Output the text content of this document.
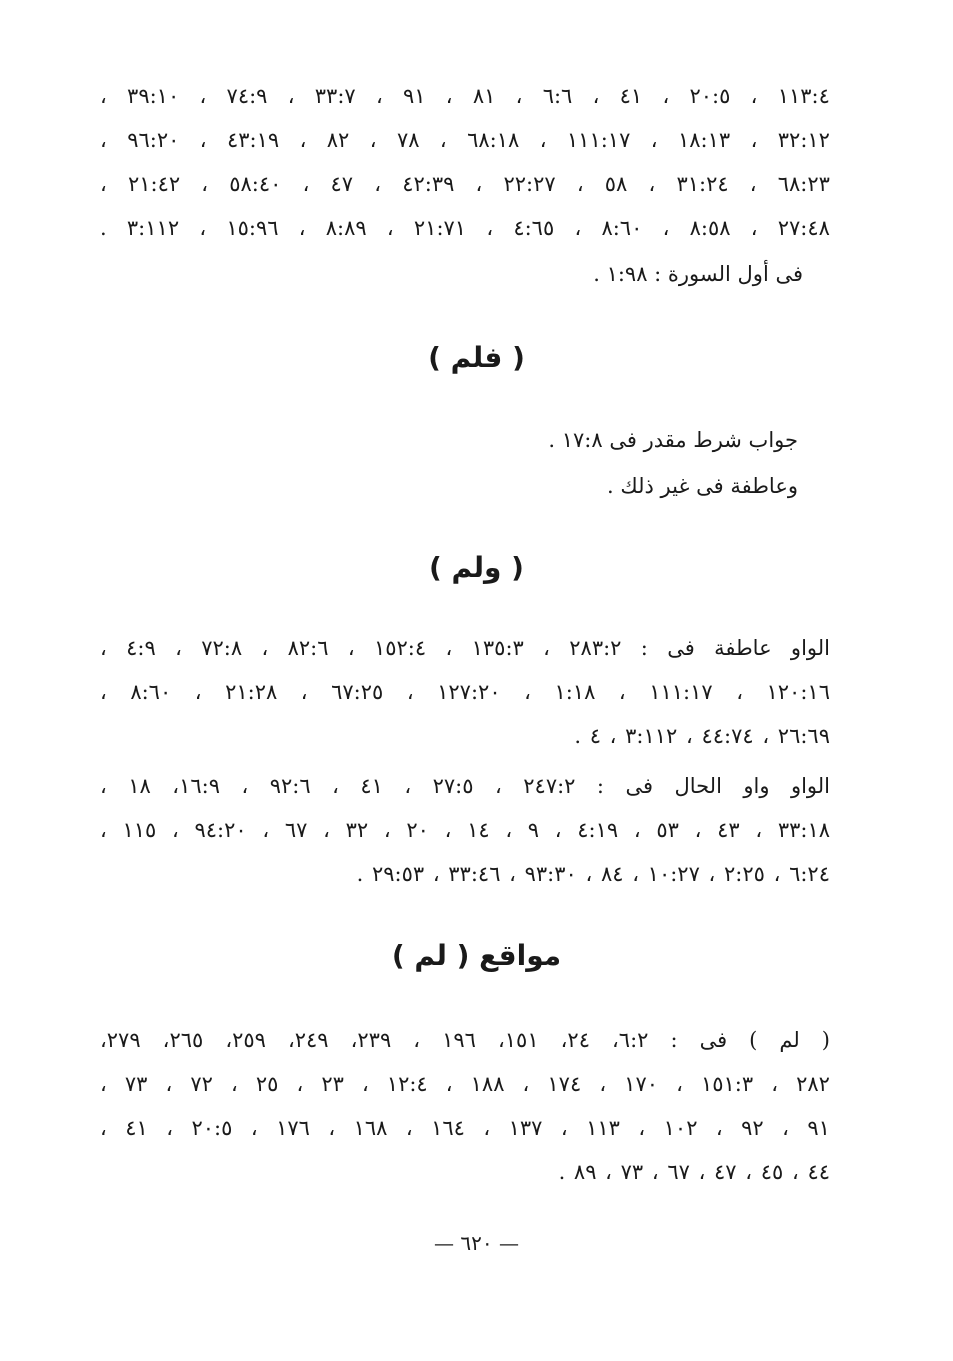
١١٣:٤ ، ٢٠:٥ ، ٤١ ، ٦:٦ ، ٨١ ، ٩١ ، ٣٣:٧ ، ٧٤:٩ ، ٣٩:١٠ ،
٣٢:١٢ ، ١٨:١٣ ، ١١١:١٧ ، ٦٨:١٨ ، ٧٨ ، ٨٢ ، ٤٣:١٩ ، ٩٦:٢٠ ،
٦٨:٢٣ ، ٣١:٢٤ ، ٥٨ ، ٢٢:٢٧ ، ٤٢:٣٩ ، ٤٧ ، ٥٨:٤٠ ، ٢١:٤٢ ،
٢٧:٤٨ ، ٨:٥٨ ، ٨:٦٠ ، ٤:٦٥ ، ٢١:٧١ ، ٨:٨٩ ، ١٥:٩٦ ، ٣:١١٢ .
فى أول السورة : ١:٩٨ .
( فلم )
جواب شرط مقدر فى ١٧:٨ .
وعاطفة فى غير ذلك .
( ولم )
الواو عاطفة فى : ٢٨٣:٢ ، ١٣٥:٣ ، ١٥٢:٤ ، ٨٢:٦ ، ٧٢:٨ ، ٤:٩ ،
١٢٠:١٦ ، ١١١:١٧ ، ١:١٨ ، ١٢٧:٢٠ ، ٦٧:٢٥ ، ٢١:٢٨ ، ٨:٦٠ ،
٢٦:٦٩ ، ٤٤:٧٤ ، ٣:١١٢ ، ٤ .
الواو واو الحال فى : ٢٤٧:٢ ، ٢٧:٥ ، ٤١ ، ٩٢:٦ ، ١٦:٩، ١٨ ،
٣٣:١٨ ، ٤٣ ، ٥٣ ، ٤:١٩ ، ٩ ، ١٤ ، ٢٠ ، ٣٢ ، ٦٧ ، ٩٤:٢٠ ، ١١٥ ،
٦:٢٤ ، ٢:٢٥ ، ١٠:٢٧ ، ٨٤ ، ٩٣:٣٠ ، ٣٣:٤٦ ، ٢٩:٥٣ .
مواقع ( لم )
( لم ) فى : ٦:٢، ٢٤، ١٥١، ١٩٦ ، ٢٣٩، ٢٤٩، ٢٥٩، ٢٦٥، ٢٧٩،
٢٨٢ ، ١٥١:٣ ، ١٧٠ ، ١٧٤ ، ١٨٨ ، ١٢:٤ ، ٢٣ ، ٢٥ ، ٧٢ ، ٧٣ ،
٩١ ، ٩٢ ، ١٠٢ ، ١١٣ ، ١٣٧ ، ١٦٤ ، ١٦٨ ، ١٧٦ ، ٢٠:٥ ، ٤١ ،
٤٤ ، ٤٥ ، ٤٧ ، ٦٧ ، ٧٣ ، ٨٩ .
— ٦٢٠ —
